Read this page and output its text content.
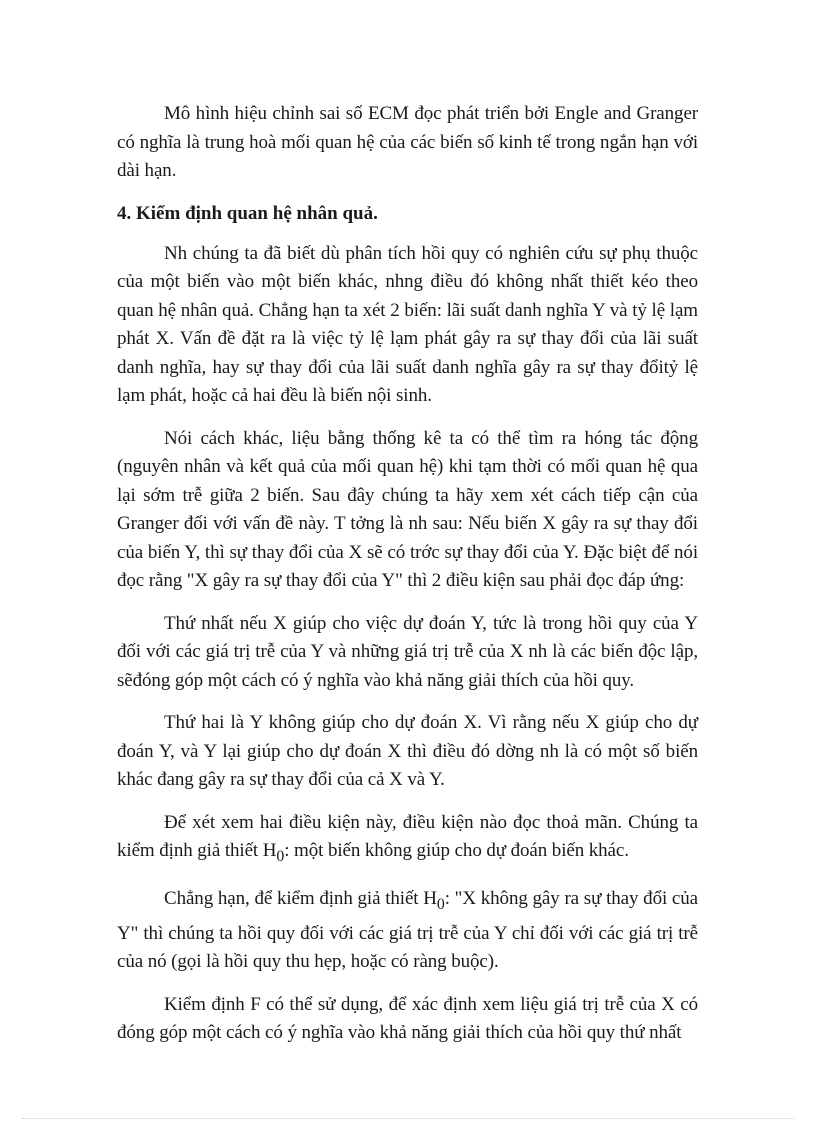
Mô hình hiệu chỉnh sai số ECM đọc phát triển bởi Engle and Granger có nghĩa là trung hoà mối quan hệ của các biến số kinh tế trong ngắn hạn với dài hạn.

4. Kiểm định quan hệ nhân quả.

Nh chúng ta đã biết dù phân tích hồi quy có nghiên cứu sự phụ thuộc của một biến vào một biến khác, nhng điều đó không nhất thiết kéo theo quan hệ nhân quả. Chẳng hạn ta xét 2 biến: lãi suất danh nghĩa Y và tỷ lệ lạm phát X. Vấn đề đặt ra là việc tỷ lệ lạm phát gây ra sự thay đổi của lãi suất danh nghĩa, hay sự thay đổi của lãi suất danh nghĩa gây ra sự thay đổitỷ lệ lạm phát, hoặc cả hai đều là biến nội sinh.

Nói cách khác, liệu bằng thống kê ta có thể tìm ra hóng tác động (nguyên nhân và kết quả của mối quan hệ) khi tạm thời có mối quan hệ qua lại sớm trễ giữa 2 biến. Sau đây chúng ta hãy xem xét cách tiếp cận của Granger đối với vấn đề này. T tởng là nh sau: Nếu biến X gây ra sự thay đổi của biến Y, thì sự thay đổi của X sẽ có trớc sự thay đổi của Y. Đặc biệt để nói đọc rằng "X gây ra sự thay đổi của Y" thì 2 điều kiện sau phải đọc đáp ứng:

Thứ nhất nếu X giúp cho việc dự đoán Y, tức là trong hồi quy của Y đối với các giá trị trễ của Y và những giá trị trễ của X nh là các biến độc lập, sẽđóng góp một cách có ý nghĩa vào khả năng giải thích của hồi quy.

Thứ hai là Y không giúp cho dự đoán X. Vì rằng nếu X giúp cho dự đoán Y, và Y lại giúp cho dự đoán X thì điều đó dờng nh là có một số biến khác đang gây ra sự thay đổi của cả X và Y.

Để xét xem hai điều kiện này, điều kiện nào đọc thoả mãn. Chúng ta kiểm định giả thiết $H_0$: một biến không giúp cho dự đoán biến khác.

Chẳng hạn, để kiểm định giả thiết $H_0$: "X không gây ra sự thay đổi của Y" thì chúng ta hồi quy đối với các giá trị trễ của Y chỉ đối với các giá trị trễ của nó (gọi là hồi quy thu hẹp, hoặc có ràng buộc).

Kiểm định F có thể sử dụng, để xác định xem liệu giá trị trễ của X có đóng góp một cách có ý nghĩa vào khả năng giải thích của hồi quy thứ nhất
